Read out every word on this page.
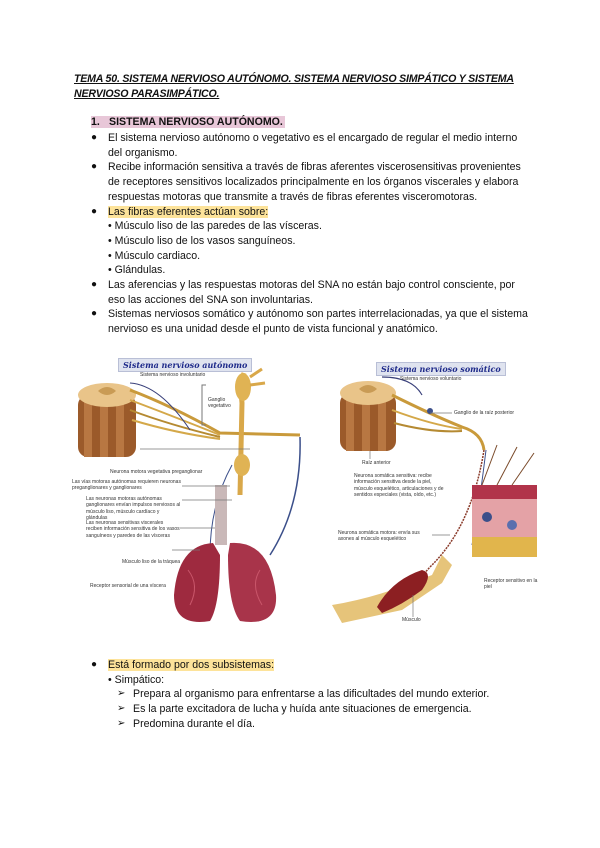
TEMA 50. SISTEMA NERVIOSO AUTÓNOMO. SISTEMA NERVIOSO SIMPÁTICO Y SISTEMA NERVIOSO PARASIMPÁTICO.
1. SISTEMA NERVIOSO AUTÓNOMO.
● El sistema nervioso autónomo o vegetativo es el encargado de regular el medio interno del organismo.
● Recibe información sensitiva a través de fibras aferentes viscerosensitivas provenientes de receptores sensitivos localizados principalmente en los órganos viscerales y elabora respuestas motoras que transmite a través de fibras eferentes visceromotoras.
● Las fibras eferentes actúan sobre:
• Músculo liso de las paredes de las vísceras.
• Músculo liso de los vasos sanguíneos.
• Músculo cardiaco.
• Glándulas.
● Las aferencias y las respuestas motoras del SNA no están bajo control consciente, por eso las acciones del SNA son involuntarias.
● Sistemas nerviosos somático y autónomo son partes interrelacionadas, ya que el sistema nervioso es una unidad desde el punto de vista funcional y anatómico.
Sistema nervioso autónomo
Sistema nervioso involuntario
Ganglio vegetativo
Neurona motora vegetativa preganglionar
Las vías motoras autónomas requieren neuronas preganglionares y ganglionares
Las neuronas motoras autónomas ganglionares envían impulsos nerviosos al músculo liso, músculo cardíaco y glándulas
Las neuronas sensitivas viscerales reciben información sensitiva de los vasos sanguíneos y paredes de las vísceras
Músculo liso de la tráquea
Receptor sensorial de una víscera
Sistema nervioso somático
Sistema nervioso voluntario
Ganglio de la raíz posterior
Raíz anterior
Neurona somática sensitiva: recibe información sensitiva desde la piel, músculo esquelético, articulaciones y de sentidos especiales (vista, oído, etc.)
Neurona somática motora: envía sus axones al músculo esquelético
Receptor sensitivo en la piel
Músculo
● Está formado por dos subsistemas:
• Simpático:
➢ Prepara al organismo para enfrentarse a las dificultades del mundo exterior.
➢ Es la parte excitadora de lucha y huída ante situaciones de emergencia.
➢ Predomina durante el día.
